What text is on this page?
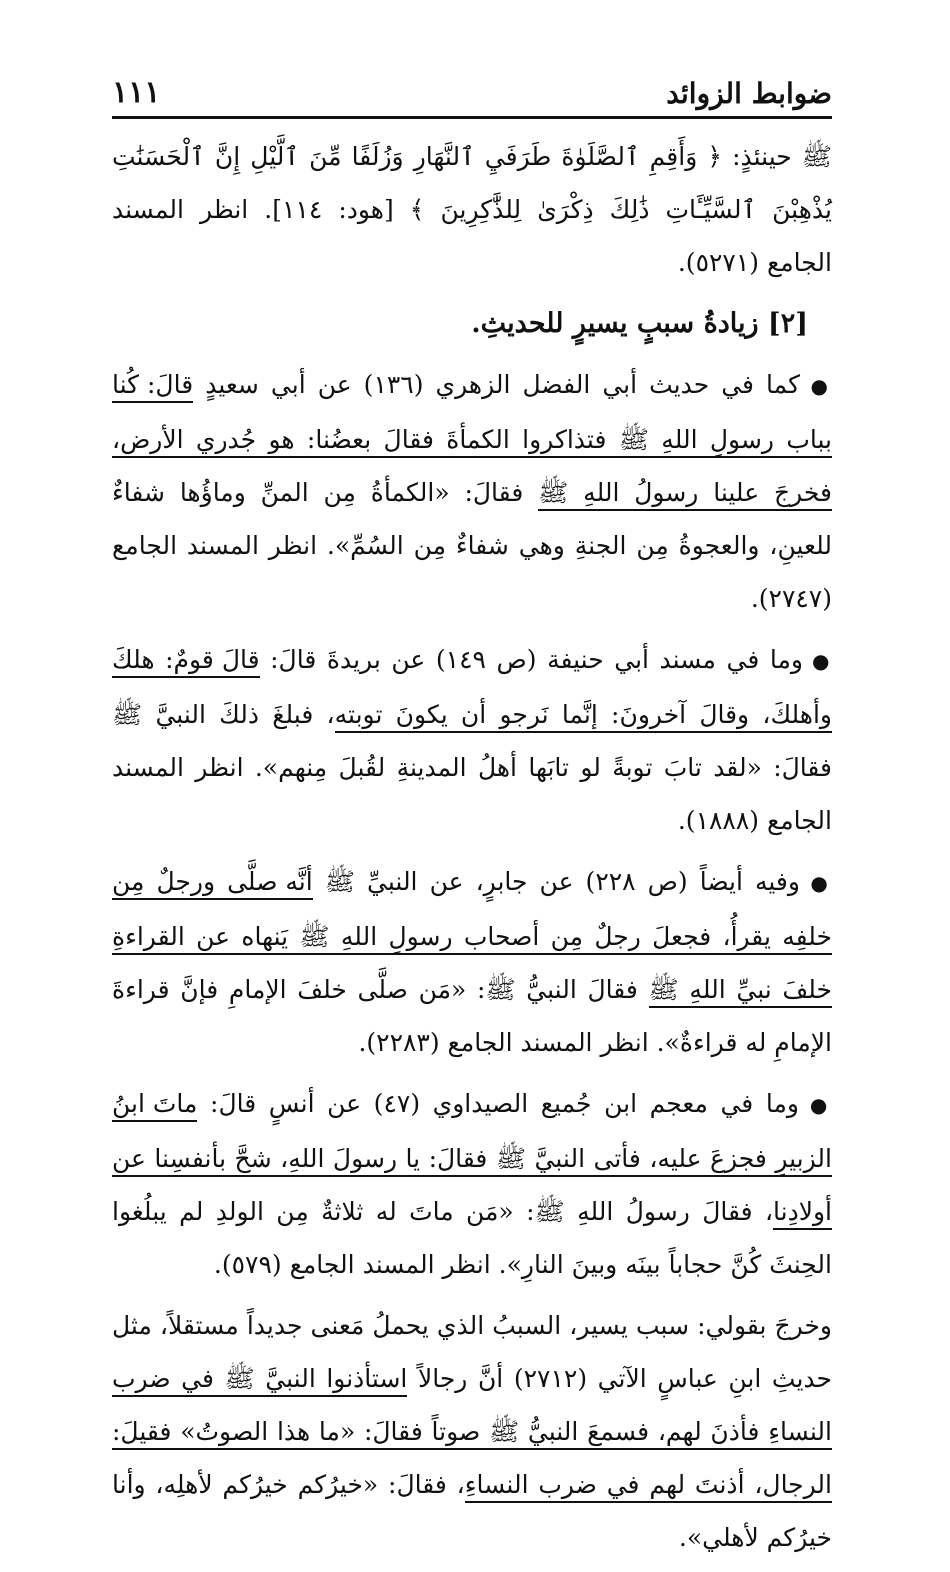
١١١	ضوابط الزوائد

ﷺ حينئذٍ: ﴿ وَأَقِمِ ٱلصَّلَوٰةَ طَرَفَيِ ٱلنَّهَارِ وَزُلَفًا مِّنَ ٱلَّيْلِ إِنَّ ٱلْحَسَنَٰتِ يُذْهِبْنَ ٱلسَّيِّـَٔاتِ ذَٰلِكَ ذِكْرَىٰ لِلذَّٰكِرِينَ ﴾ [هود: ١١٤]. انظر المسند الجامع (٥٢٧١).

[٢] زيادةُ سببٍ يسيرٍ للحديثِ.

● كما في حديث أبي الفضل الزهري (١٣٦) عن أبي سعيدٍ قالَ: كُنا بباب رسولِ اللهِ ﷺ فتذاكروا الكمأةَ فقالَ بعضُنا: هو جُدري الأرض، فخرجَ علينا رسولُ اللهِ ﷺ فقالَ: «الكمأةُ مِن المنِّ وماؤُها شفاءٌ للعينِ، والعجوةُ مِن الجنةِ وهي شفاءٌ مِن السُمِّ». انظر المسند الجامع (٢٧٤٧).

● وما في مسند أبي حنيفة (ص ١٤٩) عن بريدةَ قالَ: قالَ قومٌ: هلكَ وأهلكَ، وقالَ آخرونَ: إنَّما نَرجو أن يكونَ توبته، فبلغَ ذلكَ النبيَّ ﷺ فقالَ: «لقد تابَ توبةً لو تابَها أهلُ المدينةِ لقُبلَ مِنهم». انظر المسند الجامع (١٨٨٨).

● وفيه أيضاً (ص ٢٢٨) عن جابرٍ، عن النبيِّ ﷺ أنَّه صلَّى ورجلٌ مِن خلفِه يقرأُ، فجعلَ رجلٌ مِن أصحاب رسولِ اللهِ ﷺ يَنهاه عن القراءةِ خلفَ نبيِّ اللهِ ﷺ فقالَ النبيُّ ﷺ: «مَن صلَّى خلفَ الإمامِ فإنَّ قراءةَ الإمامِ له قراءةٌ». انظر المسند الجامع (٢٢٨٣).

● وما في معجم ابن جُميع الصيداوي (٤٧) عن أنسٍ قالَ: ماتَ ابنُ الزبيرِ فجزعَ عليه، فأتى النبيَّ ﷺ فقالَ: يا رسولَ اللهِ، شحَّ بأنفسِنا عن أولادِنا، فقالَ رسولُ اللهِ ﷺ: «مَن ماتَ له ثلاثةٌ مِن الولدِ لم يبلُغوا الحِنثَ كُنَّ حجاباً بينَه وبينَ النارِ». انظر المسند الجامع (٥٧٩).

وخرجَ بقولي: سبب يسير، السببُ الذي يحملُ مَعنى جديداً مستقلاً، مثل حديثِ ابنِ عباسٍ الآتي (٢٧١٢) أنَّ رجالاً استأذنوا النبيَّ ﷺ في ضرب النساءِ فأذنَ لهم، فسمعَ النبيُّ ﷺ صوتاً فقالَ: «ما هذا الصوتُ» فقيلَ: الرجال، أذنتَ لهم في ضرب النساءِ، فقالَ: «خيرُكم خيرُكم لأهلِه، وأنا خيرُكم لأهلي».
